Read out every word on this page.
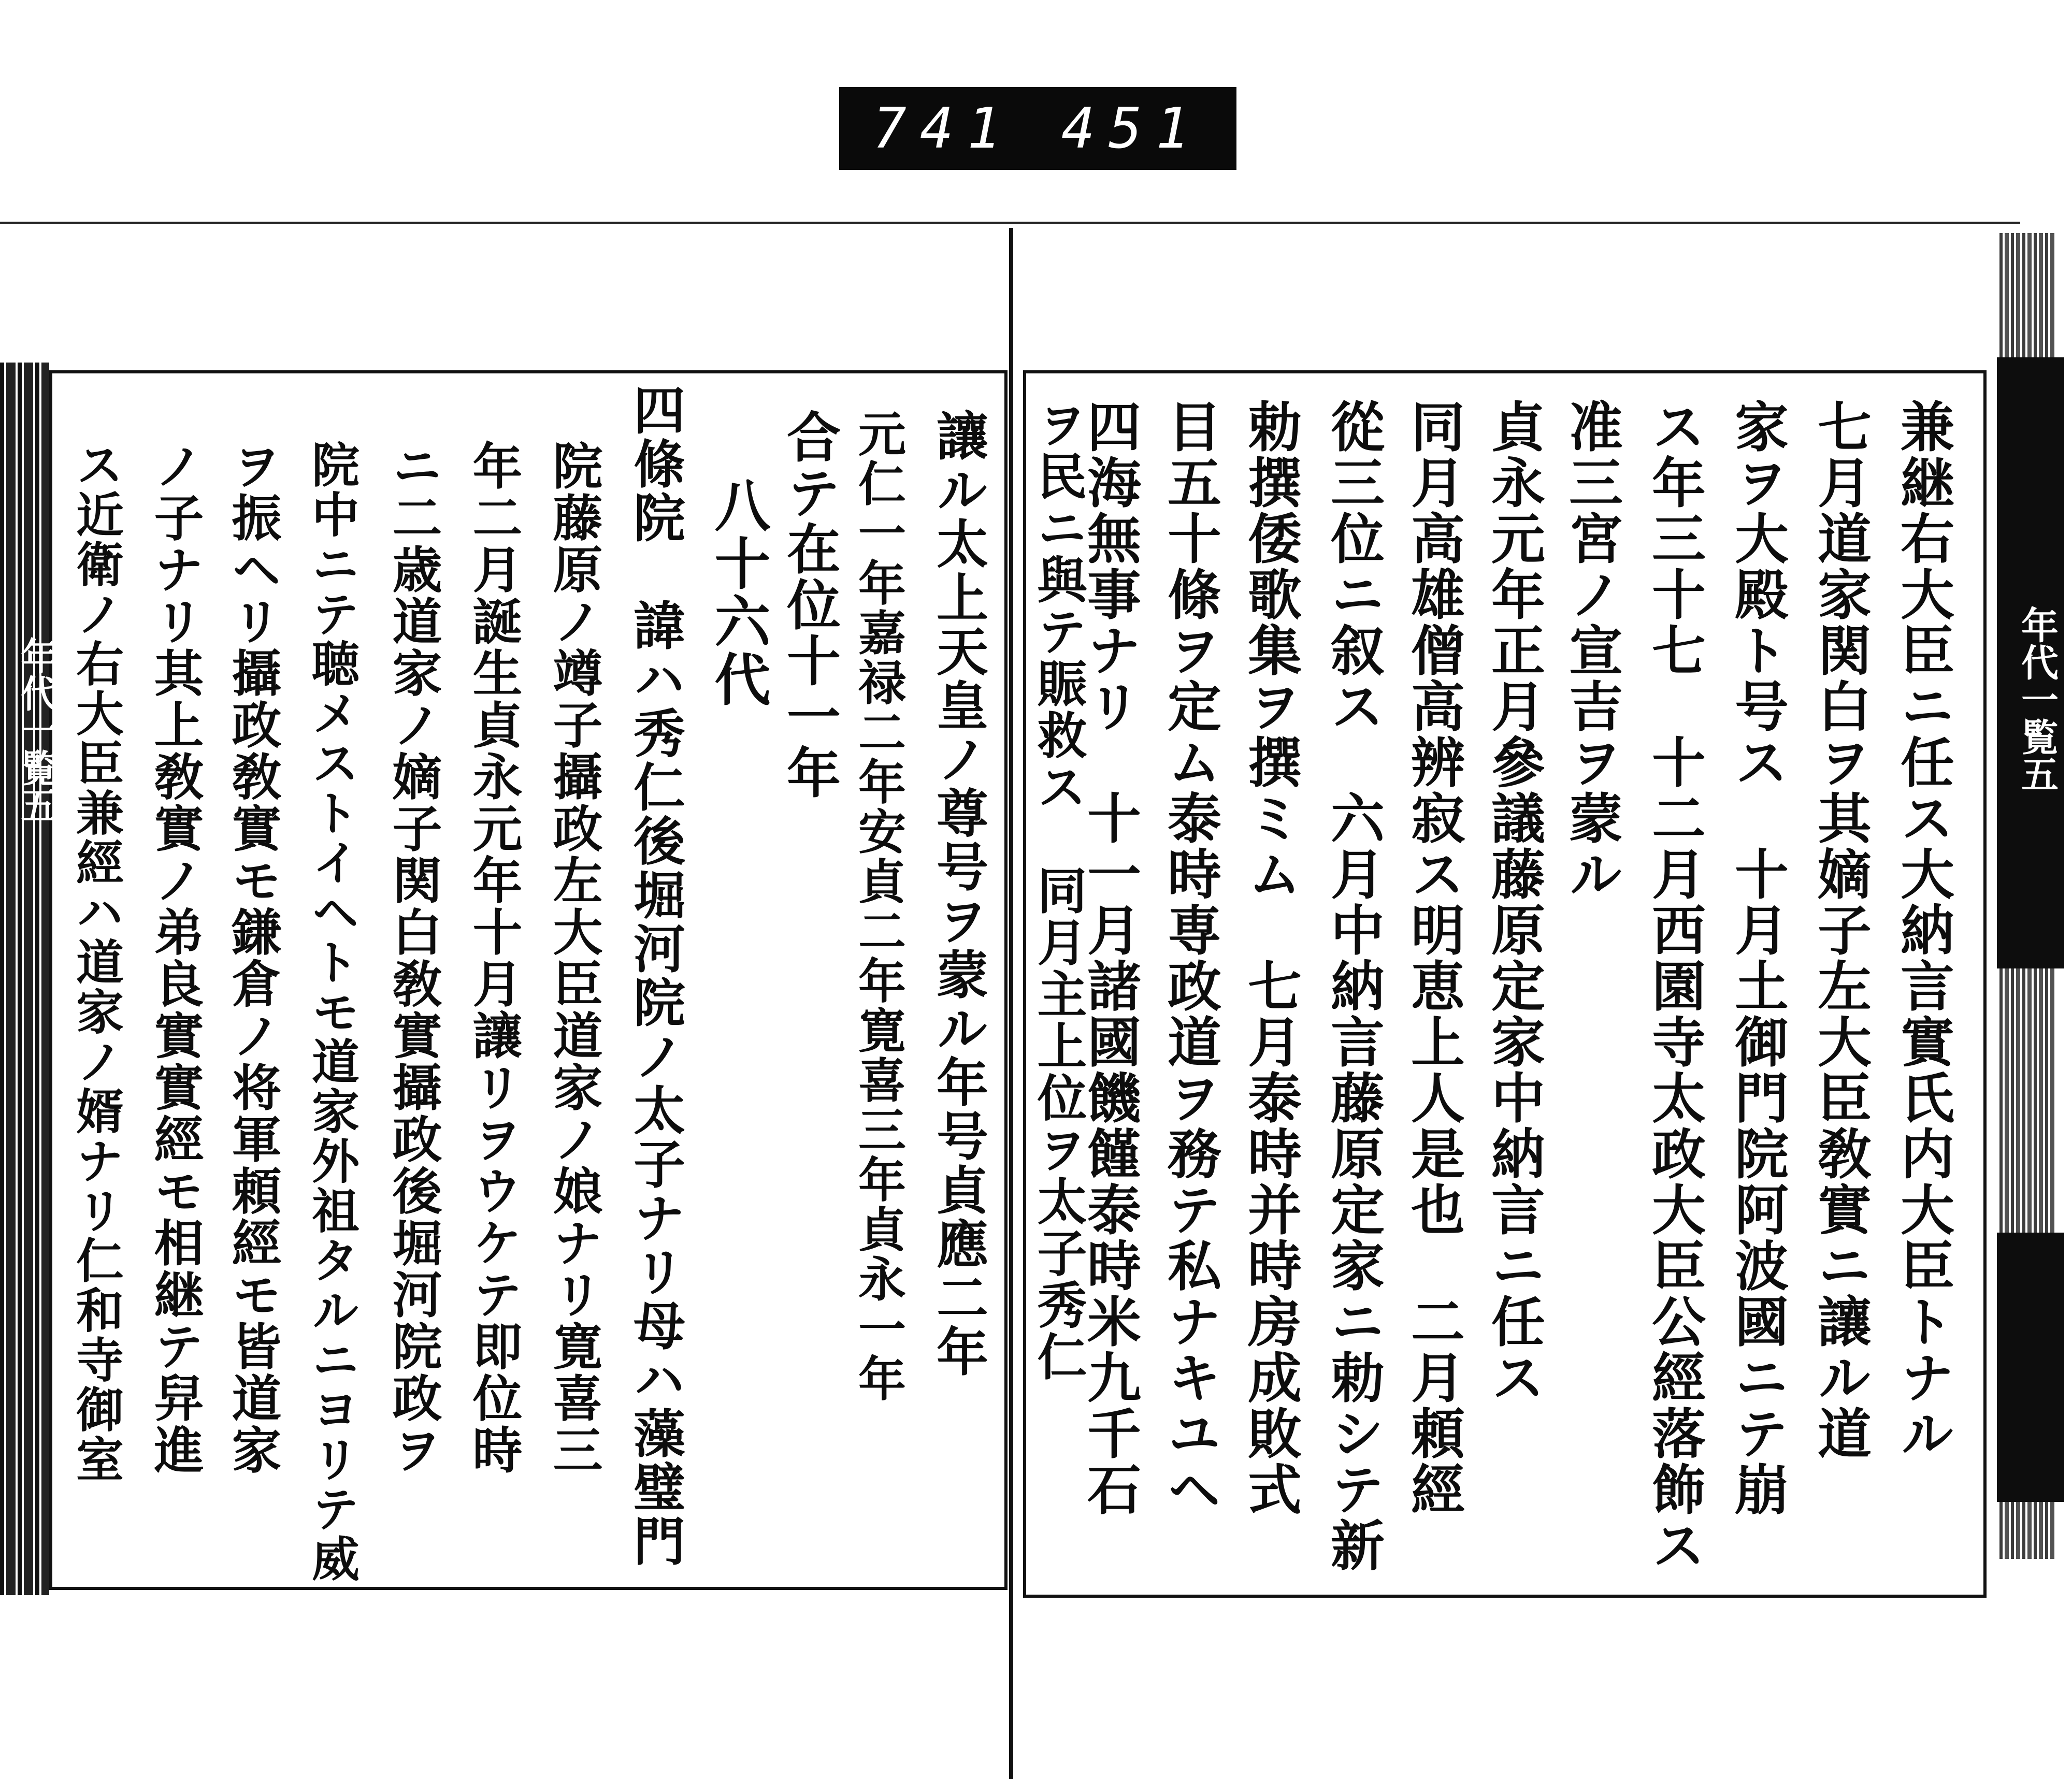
741 451
年代一覧五
年代一覧五	兼継右大臣ニ任ス大納言實氏内大臣トナル
七月道家関白ヲ其嫡子左大臣敎實ニ讓ル道
家ヲ大殿ト号ス　十月土御門院阿波國ニテ崩
ス年三十七　十二月西園寺太政大臣公經落飾ス
准三宮ノ宣吉ヲ蒙ル
貞永元年正月參議藤原定家中納言ニ任ス
同月高雄僧高辨寂ス明恵上人是也　二月頼經
從三位ニ叙ス　六月中納言藤原定家ニ勅シテ新
勅撰倭歌集ヲ撰ミム　七月泰時并時房成敗式
目五十條ヲ定ム泰時専政道ヲ務テ私ナキユヘ
四海無事ナリ　十一月諸國饑饉泰時米九千石
ヲ民ニ與テ賑救ス　同月主上位ヲ太子秀仁
讓ル太上天皇ノ尊号ヲ蒙ル年号貞應二年
元仁一年嘉禄二年安貞二年寛喜三年貞永一年
合テ在位十一年
八十六代
四條院　諱ハ秀仁後堀河院ノ太子ナリ母ハ藻璧門
院藤原ノ竴子攝政左大臣道家ノ娘ナリ寛喜三
年二月誕生貞永元年十月讓リヲウケテ即位時
ニ二歳道家ノ嫡子関白敎實攝政後堀河院政ヲ
院中ニテ聴メストイヘトモ道家外祖タルニヨリテ威
ヲ振ヘリ攝政敎實モ鎌倉ノ将軍頼經モ皆道家
ノ子ナリ其上敎實ノ弟良實實經モ相継テ舁進
ス近衛ノ右大臣兼經ハ道家ノ婿ナリ仁和寺御室
